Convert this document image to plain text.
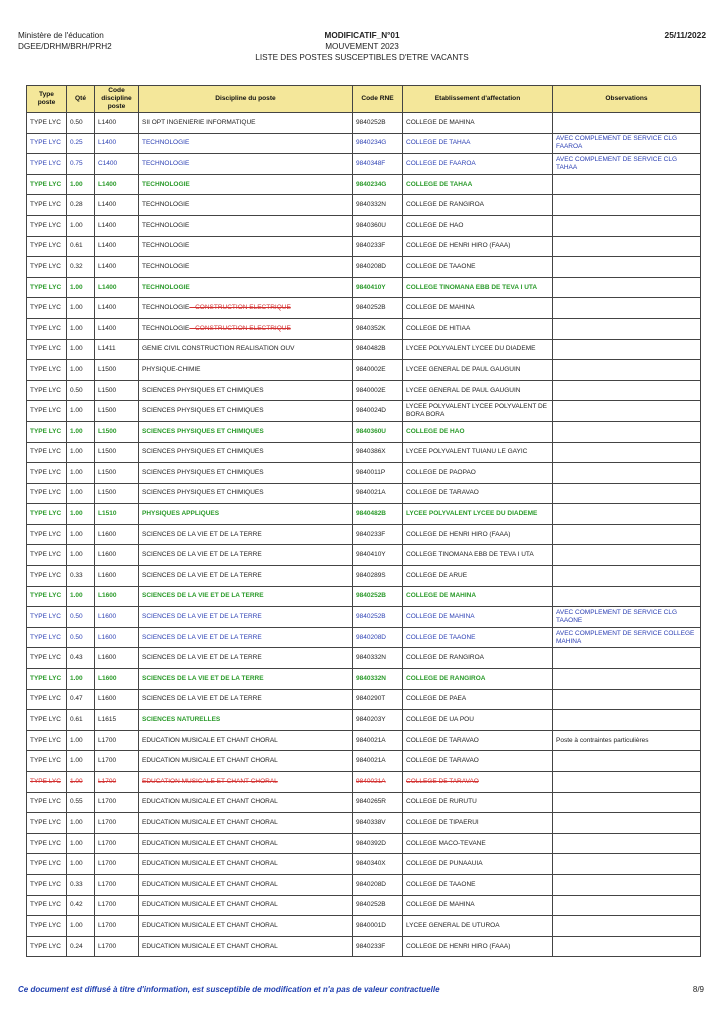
Ministère de l'éducation
DGEE/DRHM/BRH/PRH2
MODIFICATIF_N°01
MOUVEMENT 2023
LISTE DES POSTES SUSCEPTIBLES D'ETRE VACANTS
25/11/2022
Type poste	Qté	Code discipline poste	Discipline du poste	Code RNE	Etablissement d'affectation	Observations
TYPE LYC	0.50	L1400	SII OPT INGENIERIE INFORMATIQUE	9840252B	COLLEGE DE MAHINA	
TYPE LYC	0.25	L1400	TECHNOLOGIE	9840234G	COLLEGE DE TAHAA	AVEC COMPLEMENT DE SERVICE CLG FAAROA
TYPE LYC	0.75	C1400	TECHNOLOGIE	9840348F	COLLEGE DE FAAROA	AVEC COMPLEMENT DE SERVICE CLG TAHAA
TYPE LYC	1.00	L1400	TECHNOLOGIE	9840234G	COLLEGE DE TAHAA	
TYPE LYC	0.28	L1400	TECHNOLOGIE	9840332N	COLLEGE DE RANGIROA	
TYPE LYC	1.00	L1400	TECHNOLOGIE	9840360U	COLLEGE DE HAO	
TYPE LYC	0.61	L1400	TECHNOLOGIE	9840233F	COLLEGE DE HENRI HIRO (FAAA)	
TYPE LYC	0.32	L1400	TECHNOLOGIE	9840208D	COLLEGE DE TAAONE	
TYPE LYC	1.00	L1400	TECHNOLOGIE	9840410Y	COLLEGE TINOMANA EBB DE TEVA I UTA	
TYPE LYC	1.00	L1400	TECHNOLOGIE - CONSTRUCTION ELECTRIQUE	9840252B	COLLEGE DE MAHINA	
TYPE LYC	1.00	L1400	TECHNOLOGIE - CONSTRUCTION ELECTRIQUE	9840352K	COLLEGE DE HITIAA	
TYPE LYC	1.00	L1411	GENIE CIVIL CONSTRUCTION REALISATION OUV	9840482B	LYCEE POLYVALENT LYCEE DU DIADEME	
TYPE LYC	1.00	L1500	PHYSIQUE-CHIMIE	9840002E	LYCEE GENERAL DE PAUL GAUGUIN	
TYPE LYC	0.50	L1500	SCIENCES PHYSIQUES ET CHIMIQUES	9840002E	LYCEE GENERAL DE PAUL GAUGUIN	
TYPE LYC	1.00	L1500	SCIENCES PHYSIQUES ET CHIMIQUES	9840024D	LYCEE POLYVALENT LYCEE POLYVALENT DE BORA BORA	
TYPE LYC	1.00	L1500	SCIENCES PHYSIQUES ET CHIMIQUES	9840360U	COLLEGE DE HAO	
TYPE LYC	1.00	L1500	SCIENCES PHYSIQUES ET CHIMIQUES	9840386X	LYCEE POLYVALENT TUIANU LE GAYIC	
TYPE LYC	1.00	L1500	SCIENCES PHYSIQUES ET CHIMIQUES	9840011P	COLLEGE DE PAOPAO	
TYPE LYC	1.00	L1500	SCIENCES PHYSIQUES ET CHIMIQUES	9840021A	COLLEGE DE TARAVAO	
TYPE LYC	1.00	L1510	PHYSIQUES APPLIQUES	9840482B	LYCEE POLYVALENT LYCEE DU DIADEME	
TYPE LYC	1.00	L1600	SCIENCES DE LA VIE ET DE LA TERRE	9840233F	COLLEGE DE HENRI HIRO (FAAA)	
TYPE LYC	1.00	L1600	SCIENCES DE LA VIE ET DE LA TERRE	9840410Y	COLLEGE TINOMANA EBB DE TEVA I UTA	
TYPE LYC	0.33	L1600	SCIENCES DE LA VIE ET DE LA TERRE	9840289S	COLLEGE DE ARUE	
TYPE LYC	1.00	L1600	SCIENCES DE LA VIE ET DE LA TERRE	9840252B	COLLEGE DE MAHINA	
TYPE LYC	0.50	L1600	SCIENCES DE LA VIE ET DE LA TERRE	9840252B	COLLEGE DE MAHINA	AVEC COMPLEMENT DE SERVICE CLG TAAONE
TYPE LYC	0.50	L1600	SCIENCES DE LA VIE ET DE LA TERRE	9840208D	COLLEGE DE TAAONE	AVEC COMPLEMENT DE SERVICE COLLEGE MAHINA
TYPE LYC	0.43	L1600	SCIENCES DE LA VIE ET DE LA TERRE	9840332N	COLLEGE DE RANGIROA	
TYPE LYC	1.00	L1600	SCIENCES DE LA VIE ET DE LA TERRE	9840332N	COLLEGE DE RANGIROA	
TYPE LYC	0.47	L1600	SCIENCES DE LA VIE ET DE LA TERRE	9840290T	COLLEGE DE PAEA	
TYPE LYC	0.61	L1615	SCIENCES NATURELLES	9840203Y	COLLEGE DE UA POU	
TYPE LYC	1.00	L1700	EDUCATION MUSICALE ET CHANT CHORAL	9840021A	COLLEGE DE TARAVAO	Poste à contraintes particulières
TYPE LYC	1.00	L1700	EDUCATION MUSICALE ET CHANT CHORAL	9840021A	COLLEGE DE TARAVAO	
TYPE LYC	1.00	L1700	EDUCATION MUSICALE ET CHANT CHORAL	9840021A	COLLEGE DE TARAVAO	
TYPE LYC	0.55	L1700	EDUCATION MUSICALE ET CHANT CHORAL	9840265R	COLLEGE DE RURUTU	
TYPE LYC	1.00	L1700	EDUCATION MUSICALE ET CHANT CHORAL	9840338V	COLLEGE DE TIPAERUI	
TYPE LYC	1.00	L1700	EDUCATION MUSICALE ET CHANT CHORAL	9840392D	COLLEGE MACO-TEVANE	
TYPE LYC	1.00	L1700	EDUCATION MUSICALE ET CHANT CHORAL	9840340X	COLLEGE DE PUNAAUIA	
TYPE LYC	0.33	L1700	EDUCATION MUSICALE ET CHANT CHORAL	9840208D	COLLEGE DE TAAONE	
TYPE LYC	0.42	L1700	EDUCATION MUSICALE ET CHANT CHORAL	9840252B	COLLEGE DE MAHINA	
TYPE LYC	1.00	L1700	EDUCATION MUSICALE ET CHANT CHORAL	9840001D	LYCEE GENERAL DE UTUROA	
TYPE LYC	0.24	L1700	EDUCATION MUSICALE ET CHANT CHORAL	9840233F	COLLEGE DE HENRI HIRO (FAAA)	
Ce document est diffusé à titre d'information, est susceptible de modification et n'a pas de valeur contractuelle	8/9
